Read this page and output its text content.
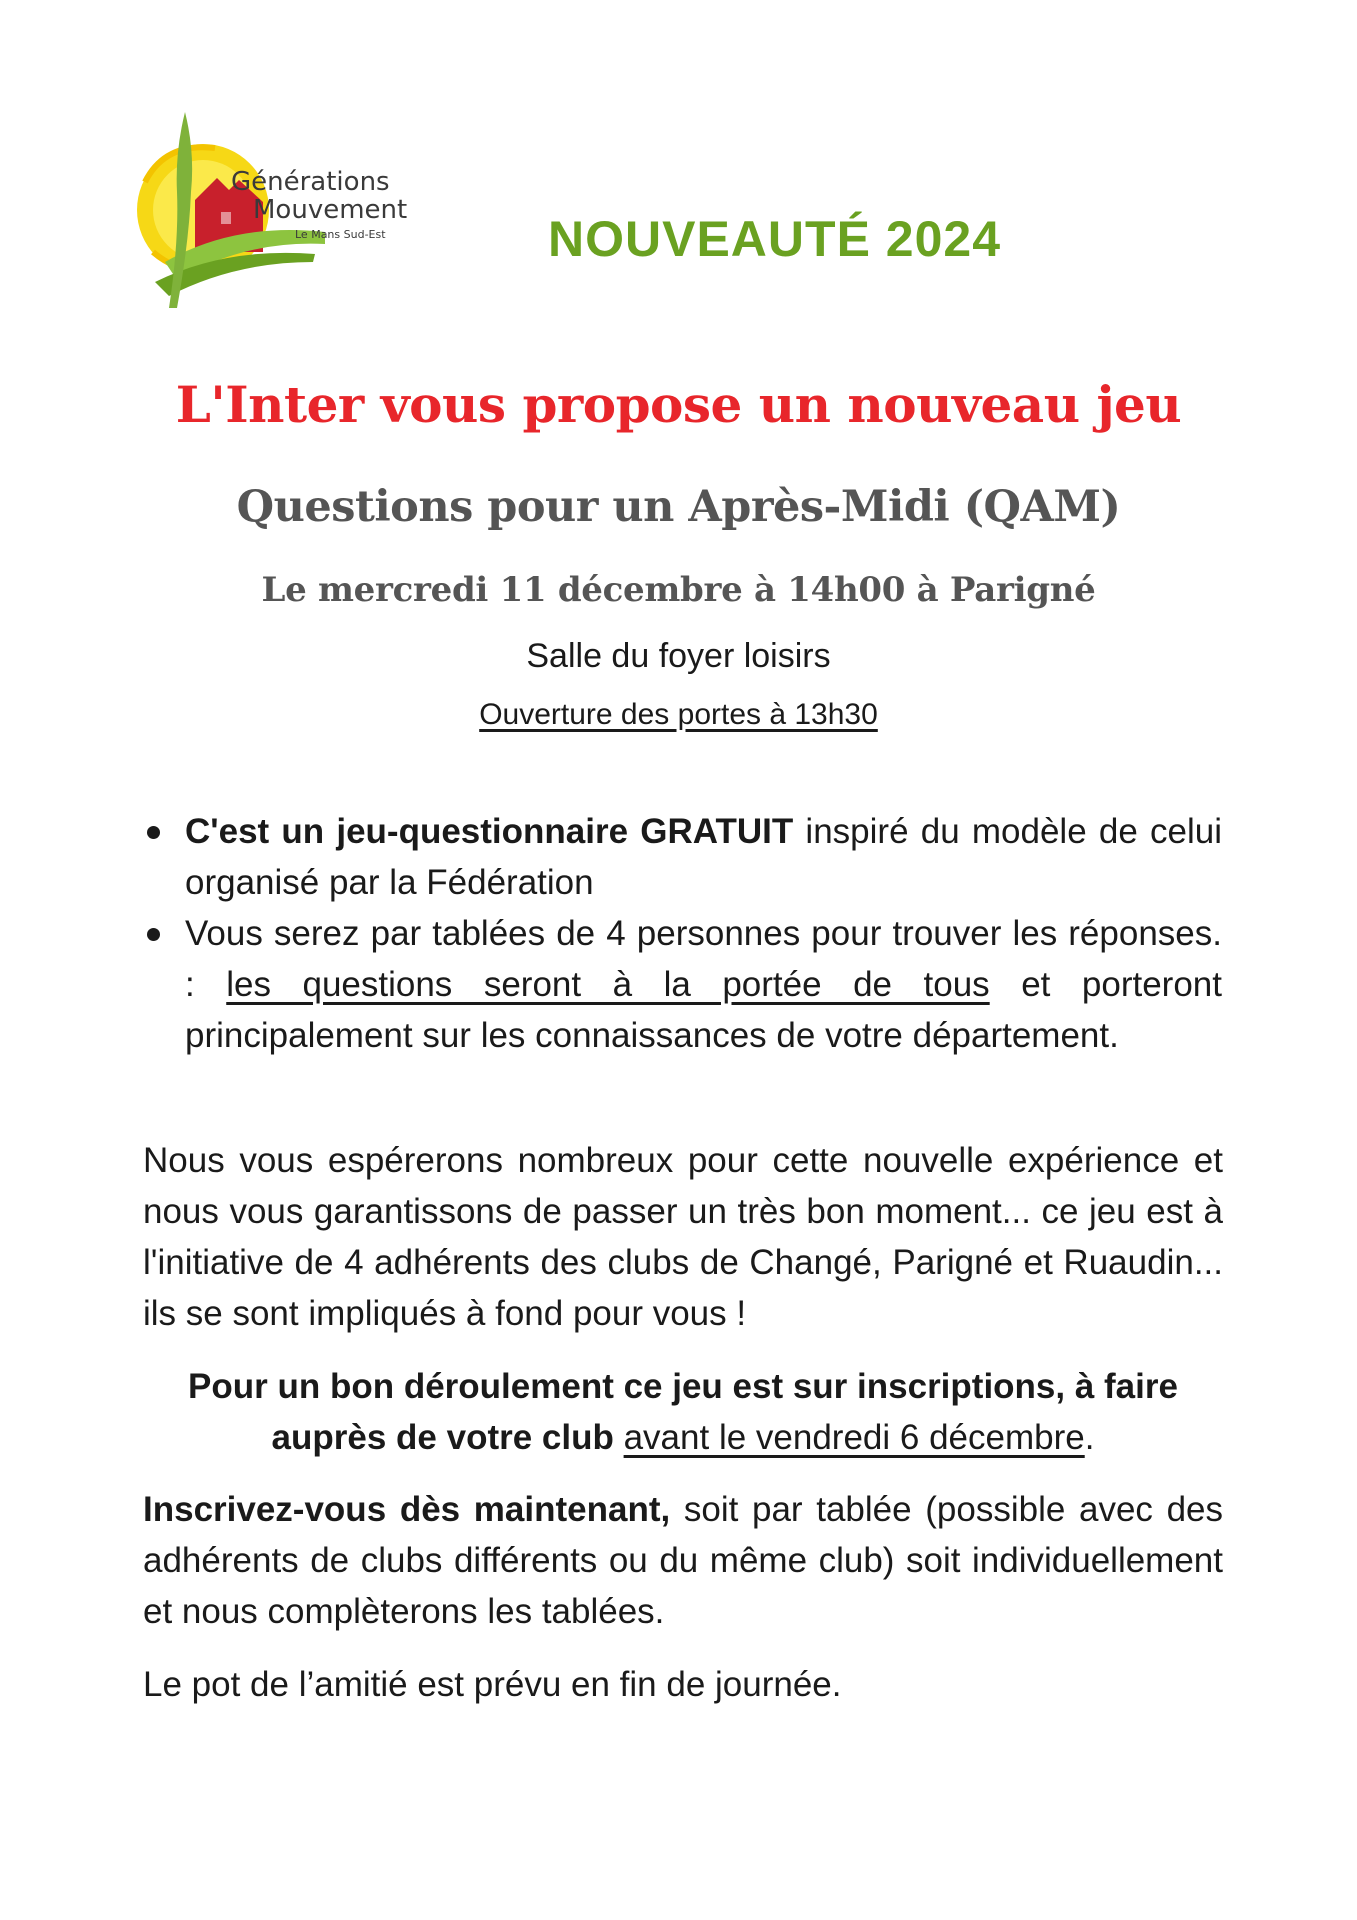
Générations
Mouvement
Le Mans Sud-Est	NOUVEAUTÉ 2024
L'Inter vous propose un nouveau jeu
Questions pour un Après-Midi (QAM)
Le mercredi 11 décembre à 14h00 à Parigné
Salle du foyer loisirs
Ouverture des portes à 13h30
C'est un jeu-questionnaire GRATUIT inspiré du modèle de celui organisé par la Fédération
Vous serez par tablées de 4 personnes pour trouver les réponses. : les questions seront à la portée de tous et porteront principalement sur les connaissances de votre département.
Nous vous espérerons nombreux pour cette nouvelle expérience et nous vous garantissons de passer un très bon moment... ce jeu est à l'initiative de 4 adhérents des clubs de Changé, Parigné et Ruaudin... ils se sont impliqués à fond pour vous !
Pour un bon déroulement ce jeu est sur inscriptions, à faire auprès de votre club avant le vendredi 6 décembre.
Inscrivez-vous dès maintenant, soit par tablée (possible avec des adhérents de clubs différents ou du même club) soit individuellement et nous complèterons les tablées.
Le pot de l’amitié est prévu en fin de journée.
